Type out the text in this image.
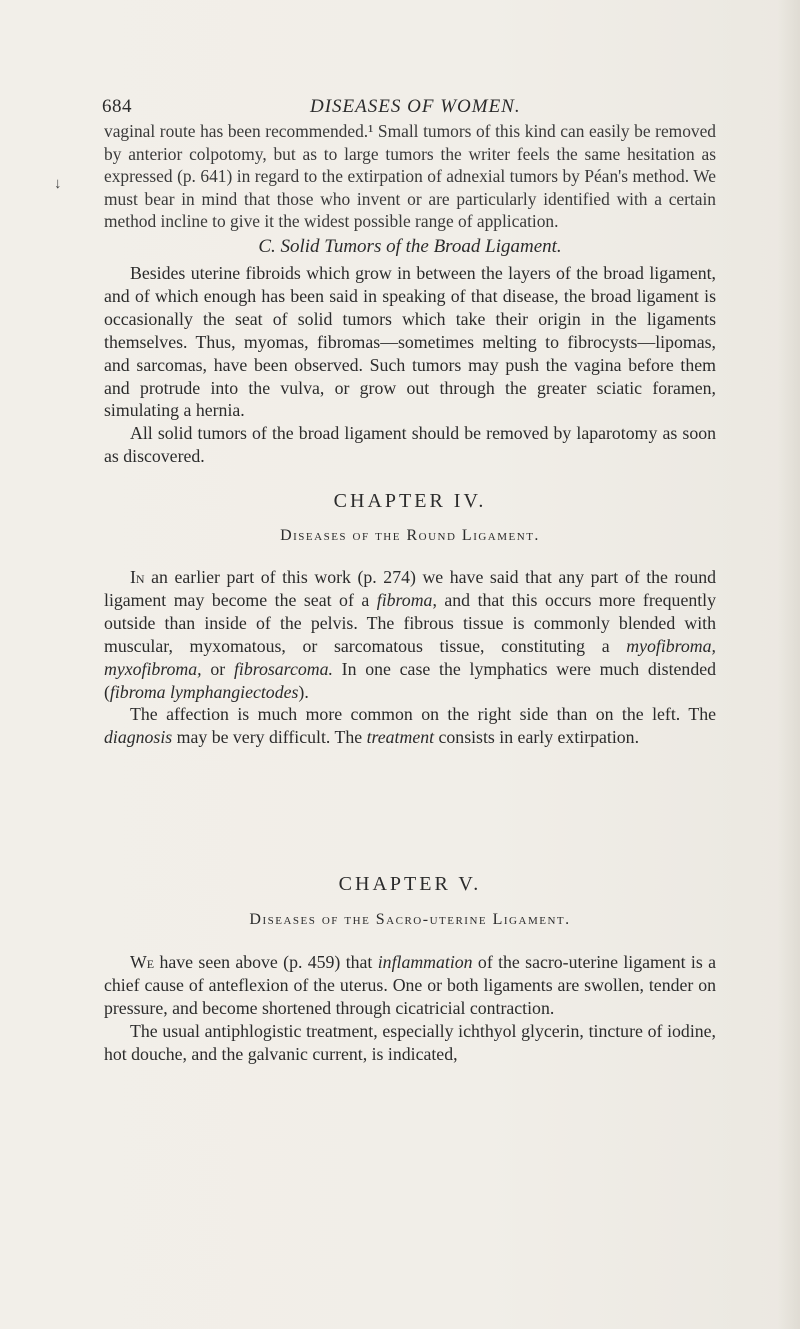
684	DISEASES OF WOMEN.
↓

vaginal route has been recommended.¹ Small tumors of this kind can easily be removed by anterior colpotomy, but as to large tumors the writer feels the same hesitation as expressed (p. 641) in regard to the extirpation of adnexial tumors by Péan's method. We must bear in mind that those who invent or are particularly identified with a certain method incline to give it the widest possible range of application.

C. Solid Tumors of the Broad Ligament.

Besides uterine fibroids which grow in between the layers of the broad ligament, and of which enough has been said in speaking of that disease, the broad ligament is occasionally the seat of solid tumors which take their origin in the ligaments themselves. Thus, myomas, fibromas—sometimes melting to fibrocysts—lipomas, and sarcomas, have been observed. Such tumors may push the vagina before them and protrude into the vulva, or grow out through the greater sciatic foramen, simulating a hernia.

All solid tumors of the broad ligament should be removed by laparotomy as soon as discovered.

CHAPTER IV.
Diseases of the Round Ligament.

In an earlier part of this work (p. 274) we have said that any part of the round ligament may become the seat of a fibroma, and that this occurs more frequently outside than inside of the pelvis. The fibrous tissue is commonly blended with muscular, myxomatous, or sarcomatous tissue, constituting a myofibroma, myxofibroma, or fibrosarcoma. In one case the lymphatics were much distended (fibroma lymphangiectodes).

The affection is much more common on the right side than on the left. The diagnosis may be very difficult. The treatment consists in early extirpation.

CHAPTER V.
Diseases of the Sacro-uterine Ligament.

We have seen above (p. 459) that inflammation of the sacro-uterine ligament is a chief cause of anteflexion of the uterus. One or both ligaments are swollen, tender on pressure, and become shortened through cicatricial contraction.

The usual antiphlogistic treatment, especially ichthyol glycerin, tincture of iodine, hot douche, and the galvanic current, is indicated,
